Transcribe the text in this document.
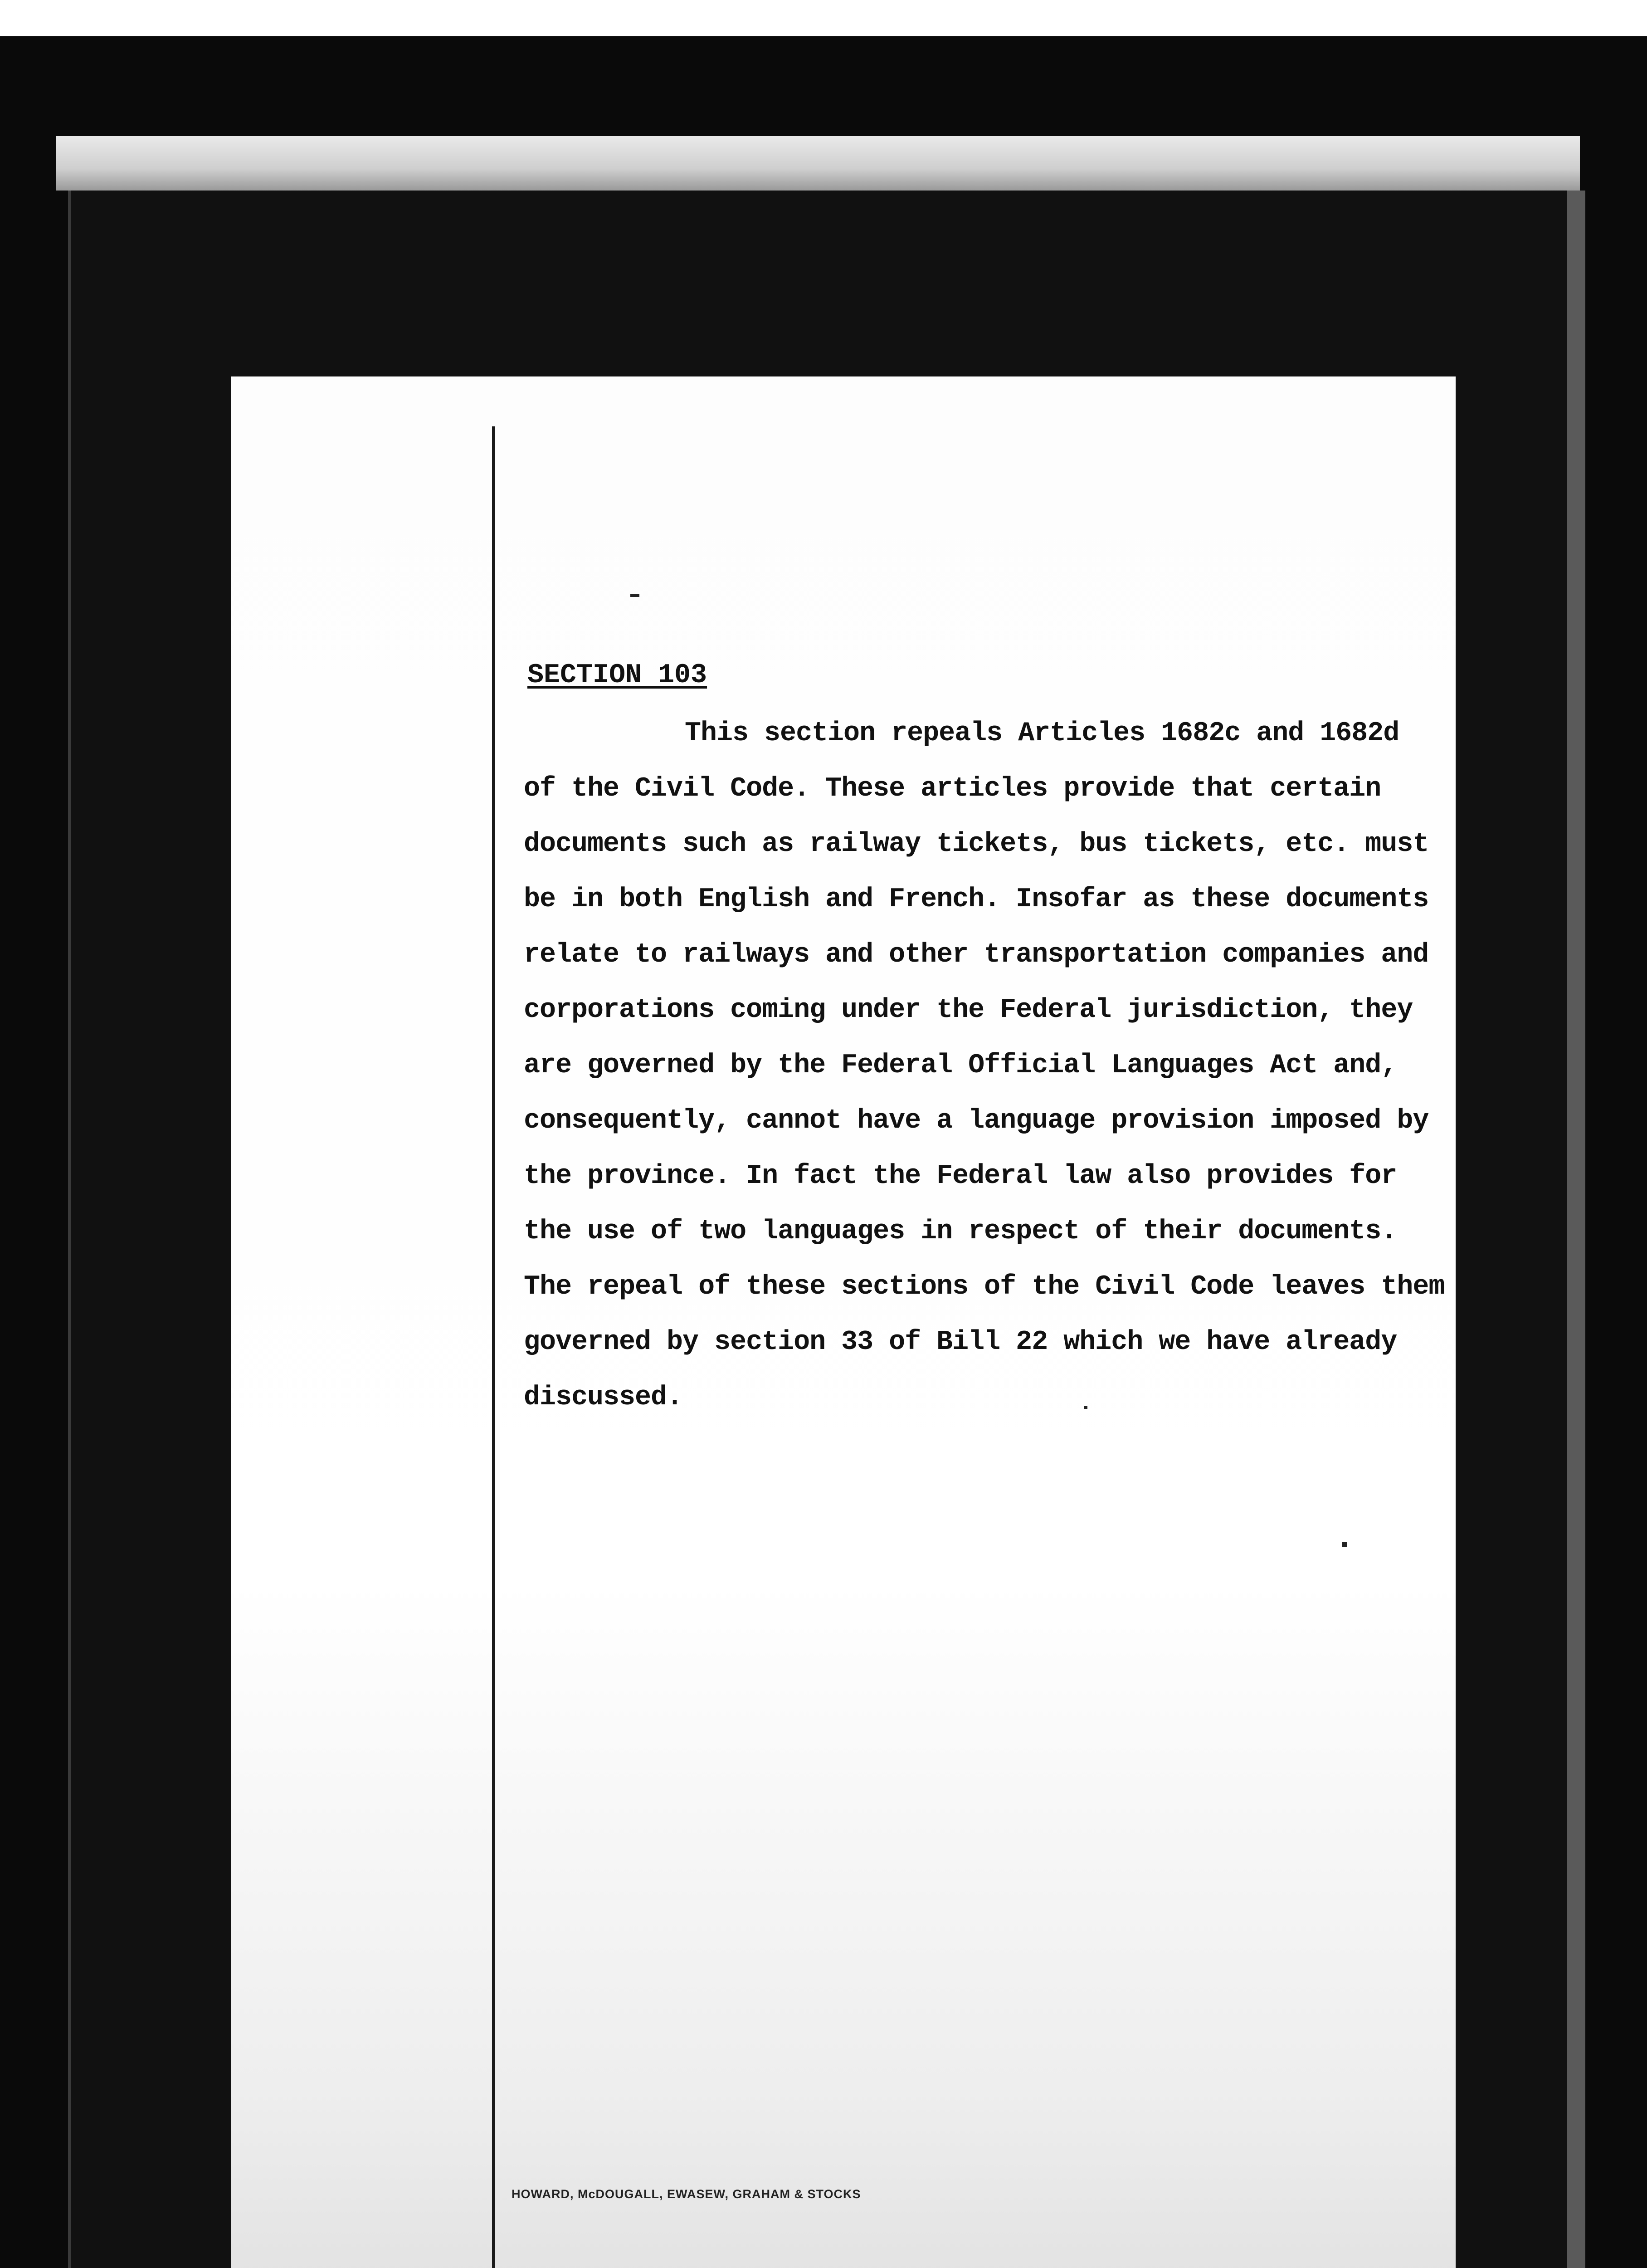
SECTION 103
This section repeals Articles 1682c and 1682d
of the Civil Code. These articles provide that certain
documents such as railway tickets, bus tickets, etc. must
be in both English and French. Insofar as these documents
relate to railways and other transportation companies and
corporations coming under the Federal jurisdiction, they
are governed by the Federal Official Languages Act and,
consequently, cannot have a language provision imposed by
the province. In fact the Federal law also provides for
the use of two languages in respect of their documents.
The repeal of these sections of the Civil Code leaves them
governed by section 33 of Bill 22 which we have already
discussed.
HOWARD, McDOUGALL, EWASEW, GRAHAM & STOCKS
